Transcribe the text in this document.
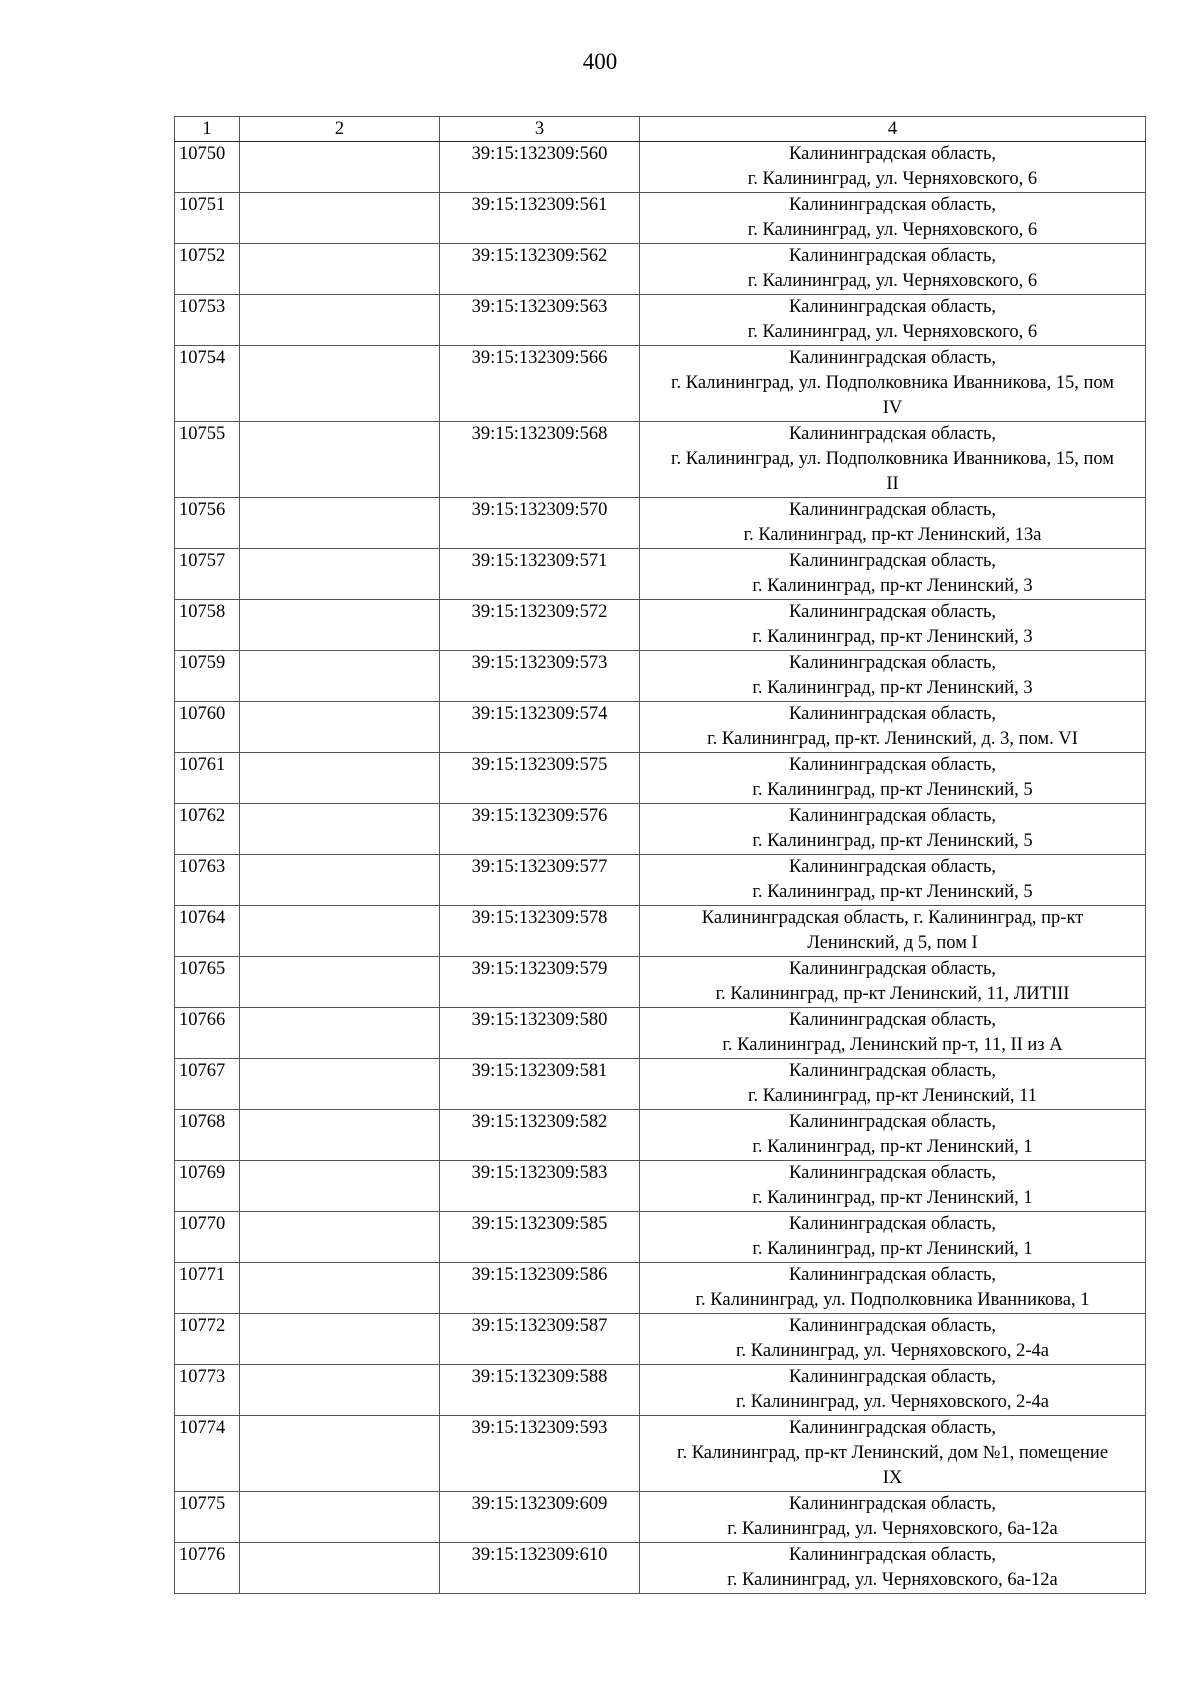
400
1	2	3	4
10750		39:15:132309:560	Калининградская область,
г. Калининград, ул. Черняховского, 6

10751		39:15:132309:561	Калининградская область,
г. Калининград, ул. Черняховского, 6

10752		39:15:132309:562	Калининградская область,
г. Калининград, ул. Черняховского, 6

10753		39:15:132309:563	Калининградская область,
г. Калининград, ул. Черняховского, 6

10754		39:15:132309:566	Калининградская область,
г. Калининград, ул. Подполковника Иванникова, 15, пом
IV

10755		39:15:132309:568	Калининградская область,
г. Калининград, ул. Подполковника Иванникова, 15, пом
II

10756		39:15:132309:570	Калининградская область,
г. Калининград, пр-кт Ленинский, 13а

10757		39:15:132309:571	Калининградская область,
г. Калининград, пр-кт Ленинский, 3

10758		39:15:132309:572	Калининградская область,
г. Калининград, пр-кт Ленинский, 3

10759		39:15:132309:573	Калининградская область,
г. Калининград, пр-кт Ленинский, 3

10760		39:15:132309:574	Калининградская область,
г. Калининград, пр-кт. Ленинский, д. 3, пом. VI

10761		39:15:132309:575	Калининградская область,
г. Калининград, пр-кт Ленинский, 5

10762		39:15:132309:576	Калининградская область,
г. Калининград, пр-кт Ленинский, 5

10763		39:15:132309:577	Калининградская область,
г. Калининград, пр-кт Ленинский, 5

10764		39:15:132309:578	Калининградская область, г. Калининград, пр-кт
Ленинский, д 5, пом I

10765		39:15:132309:579	Калининградская область,
г. Калининград, пр-кт Ленинский, 11, ЛИТIII

10766		39:15:132309:580	Калининградская область,
г. Калининград, Ленинский пр-т, 11, II из А

10767		39:15:132309:581	Калининградская область,
г. Калининград, пр-кт Ленинский, 11

10768		39:15:132309:582	Калининградская область,
г. Калининград, пр-кт Ленинский, 1

10769		39:15:132309:583	Калининградская область,
г. Калининград, пр-кт Ленинский, 1

10770		39:15:132309:585	Калининградская область,
г. Калининград, пр-кт Ленинский, 1

10771		39:15:132309:586	Калининградская область,
г. Калининград, ул. Подполковника Иванникова, 1

10772		39:15:132309:587	Калининградская область,
г. Калининград, ул. Черняховского, 2-4а

10773		39:15:132309:588	Калининградская область,
г. Калининград, ул. Черняховского, 2-4а

10774		39:15:132309:593	Калининградская область,
г. Калининград, пр-кт Ленинский, дом №1, помещение
IX

10775		39:15:132309:609	Калининградская область,
г. Калининград, ул. Черняховского, 6а-12а

10776		39:15:132309:610	Калининградская область,
г. Калининград, ул. Черняховского, 6а-12а
